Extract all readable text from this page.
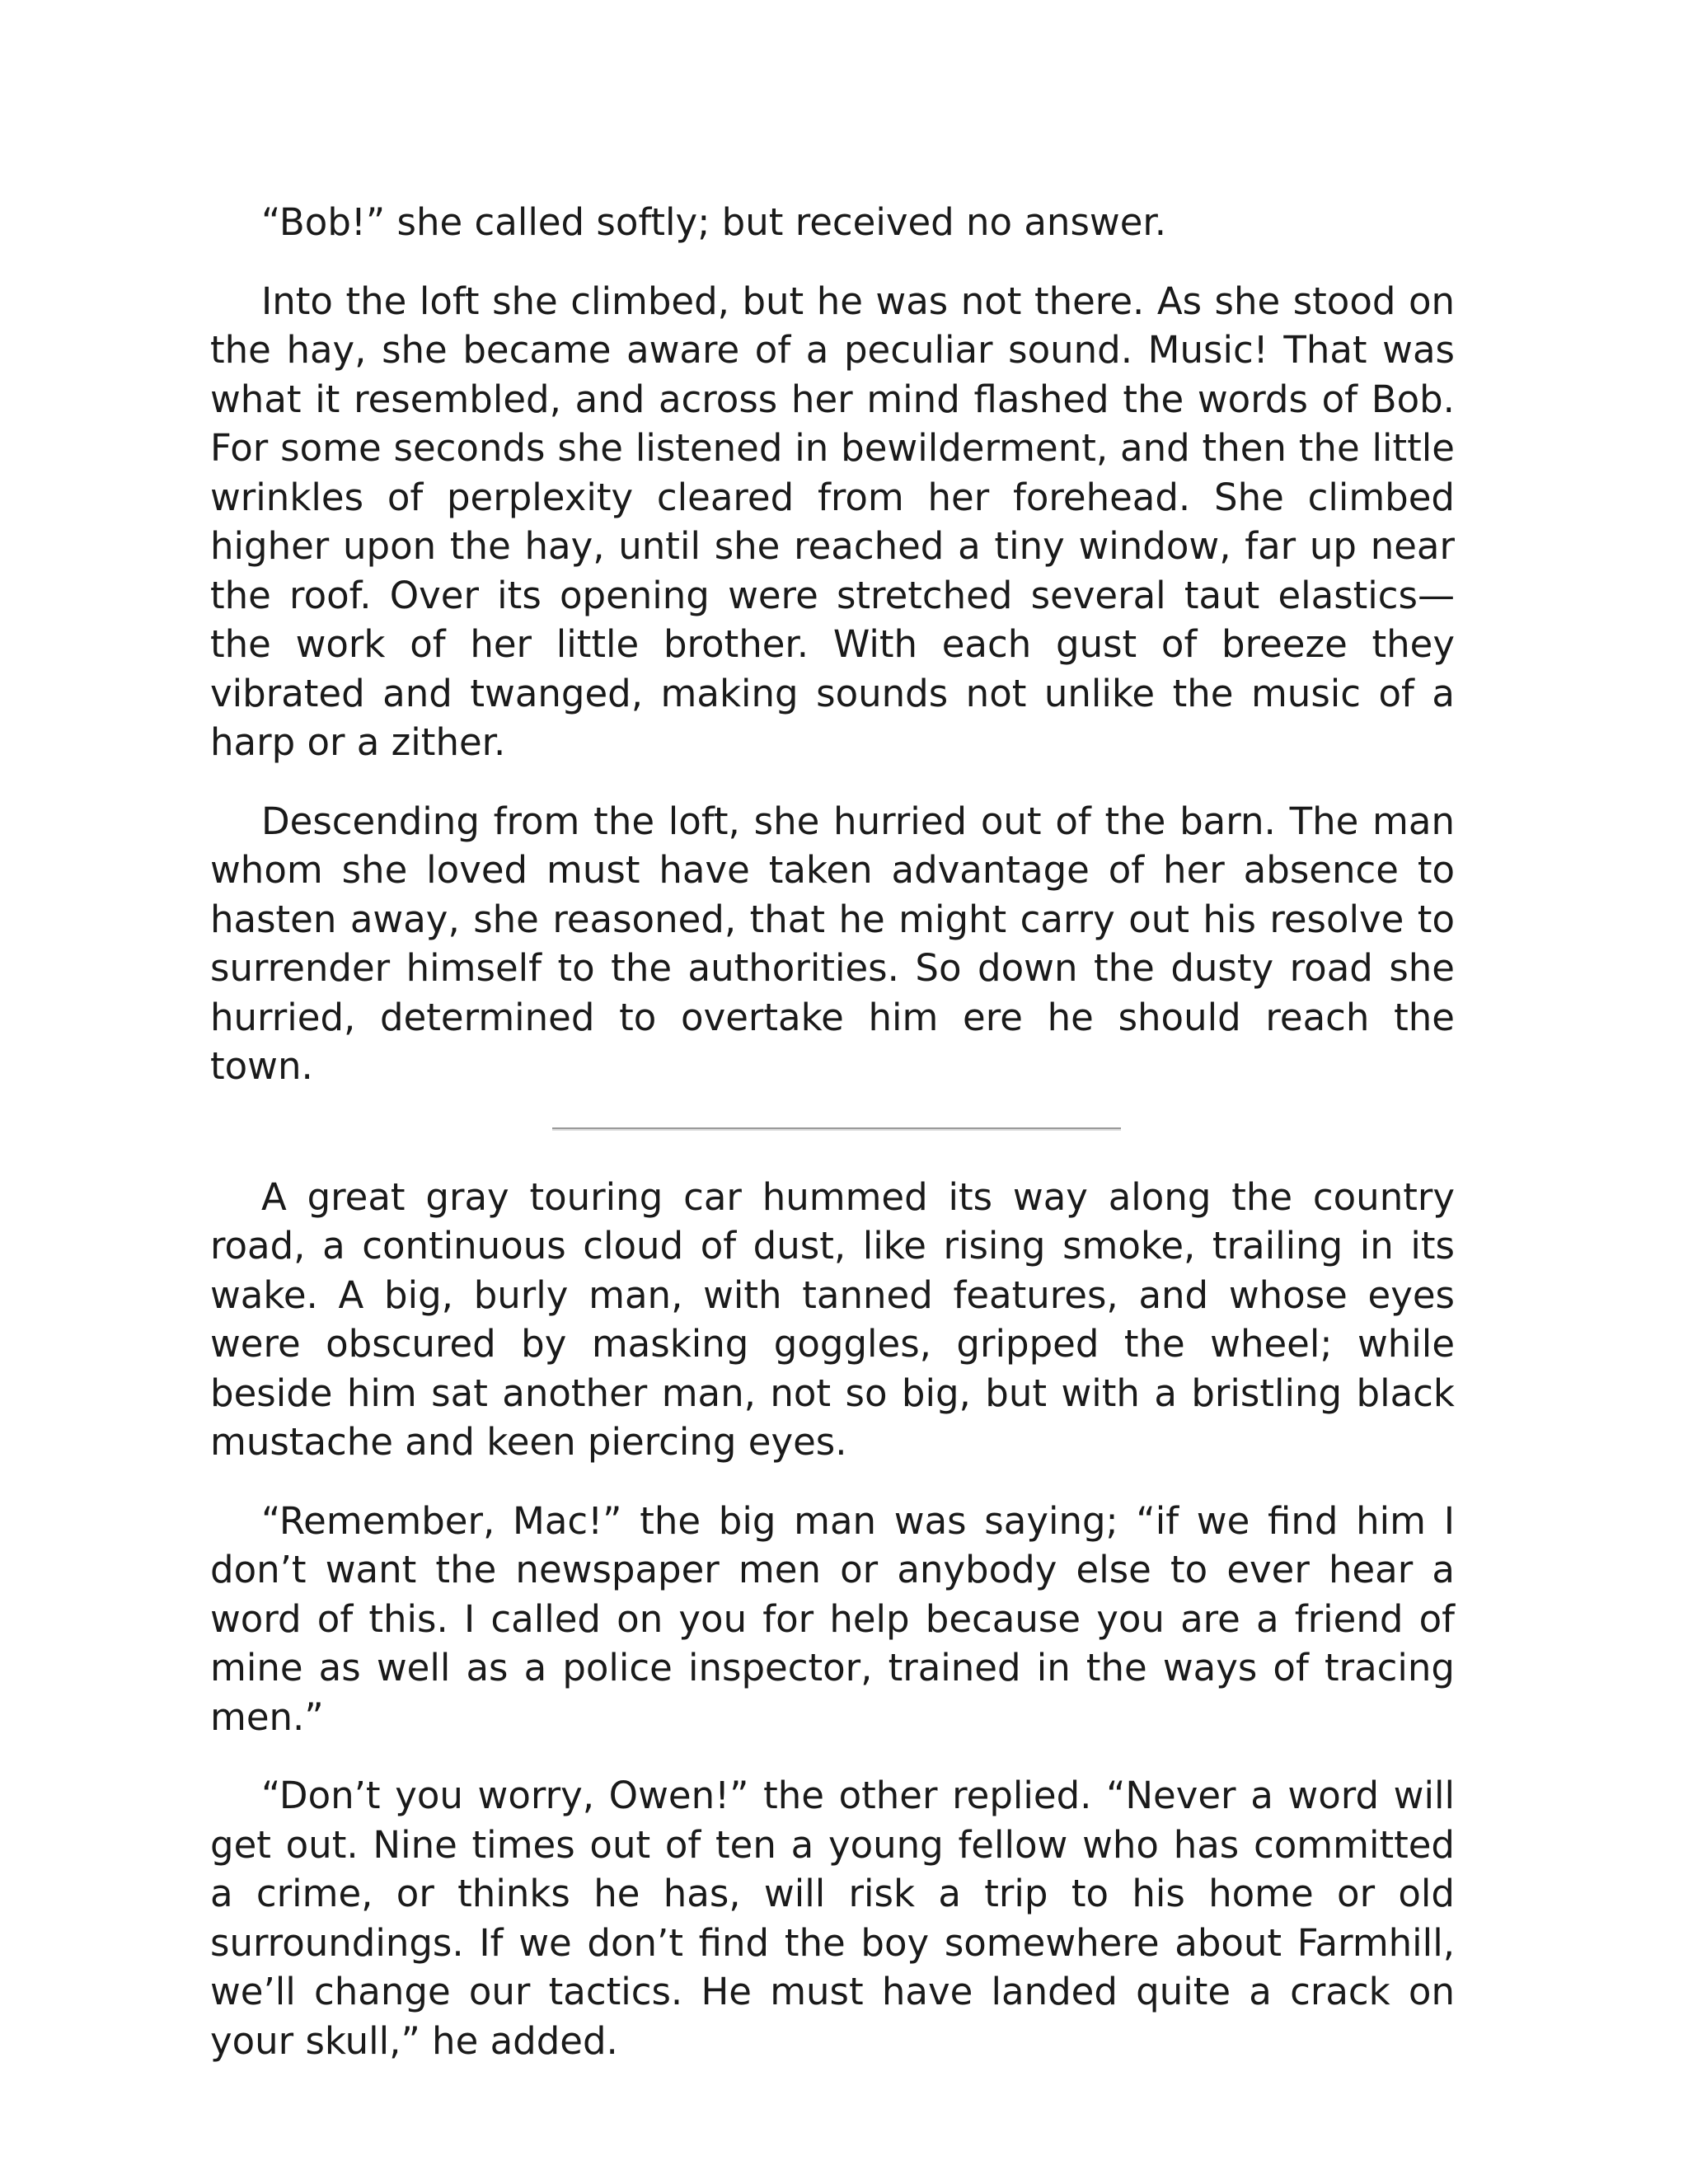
“Bob!” she called softly; but received no answer.

Into the loft she climbed, but he was not there. As she stood on the hay, she became aware of a peculiar sound. Music! That was what it resembled, and across her mind flashed the words of Bob. For some seconds she listened in bewilderment, and then the little wrinkles of perplexity cleared from her forehead. She climbed higher upon the hay, until she reached a tiny window, far up near the roof. Over its opening were stretched several taut elastics—the work of her little brother. With each gust of breeze they vibrated and twanged, making sounds not unlike the music of a harp or a zither.

Descending from the loft, she hurried out of the barn. The man whom she loved must have taken advantage of her absence to hasten away, she reasoned, that he might carry out his resolve to surrender himself to the authorities. So down the dusty road she hurried, determined to overtake him ere he should reach the town.

A great gray touring car hummed its way along the country road, a continuous cloud of dust, like rising smoke, trailing in its wake. A big, burly man, with tanned features, and whose eyes were obscured by masking goggles, gripped the wheel; while beside him sat another man, not so big, but with a bristling black mustache and keen piercing eyes.

“Remember, Mac!” the big man was saying; “if we find him I don’t want the newspaper men or anybody else to ever hear a word of this. I called on you for help because you are a friend of mine as well as a police inspector, trained in the ways of tracing men.”

“Don’t you worry, Owen!” the other replied. “Never a word will get out. Nine times out of ten a young fellow who has committed a crime, or thinks he has, will risk a trip to his home or old surroundings. If we don’t find the boy somewhere about Farmhill, we’ll change our tactics. He must have landed quite a crack on your skull,” he added.
